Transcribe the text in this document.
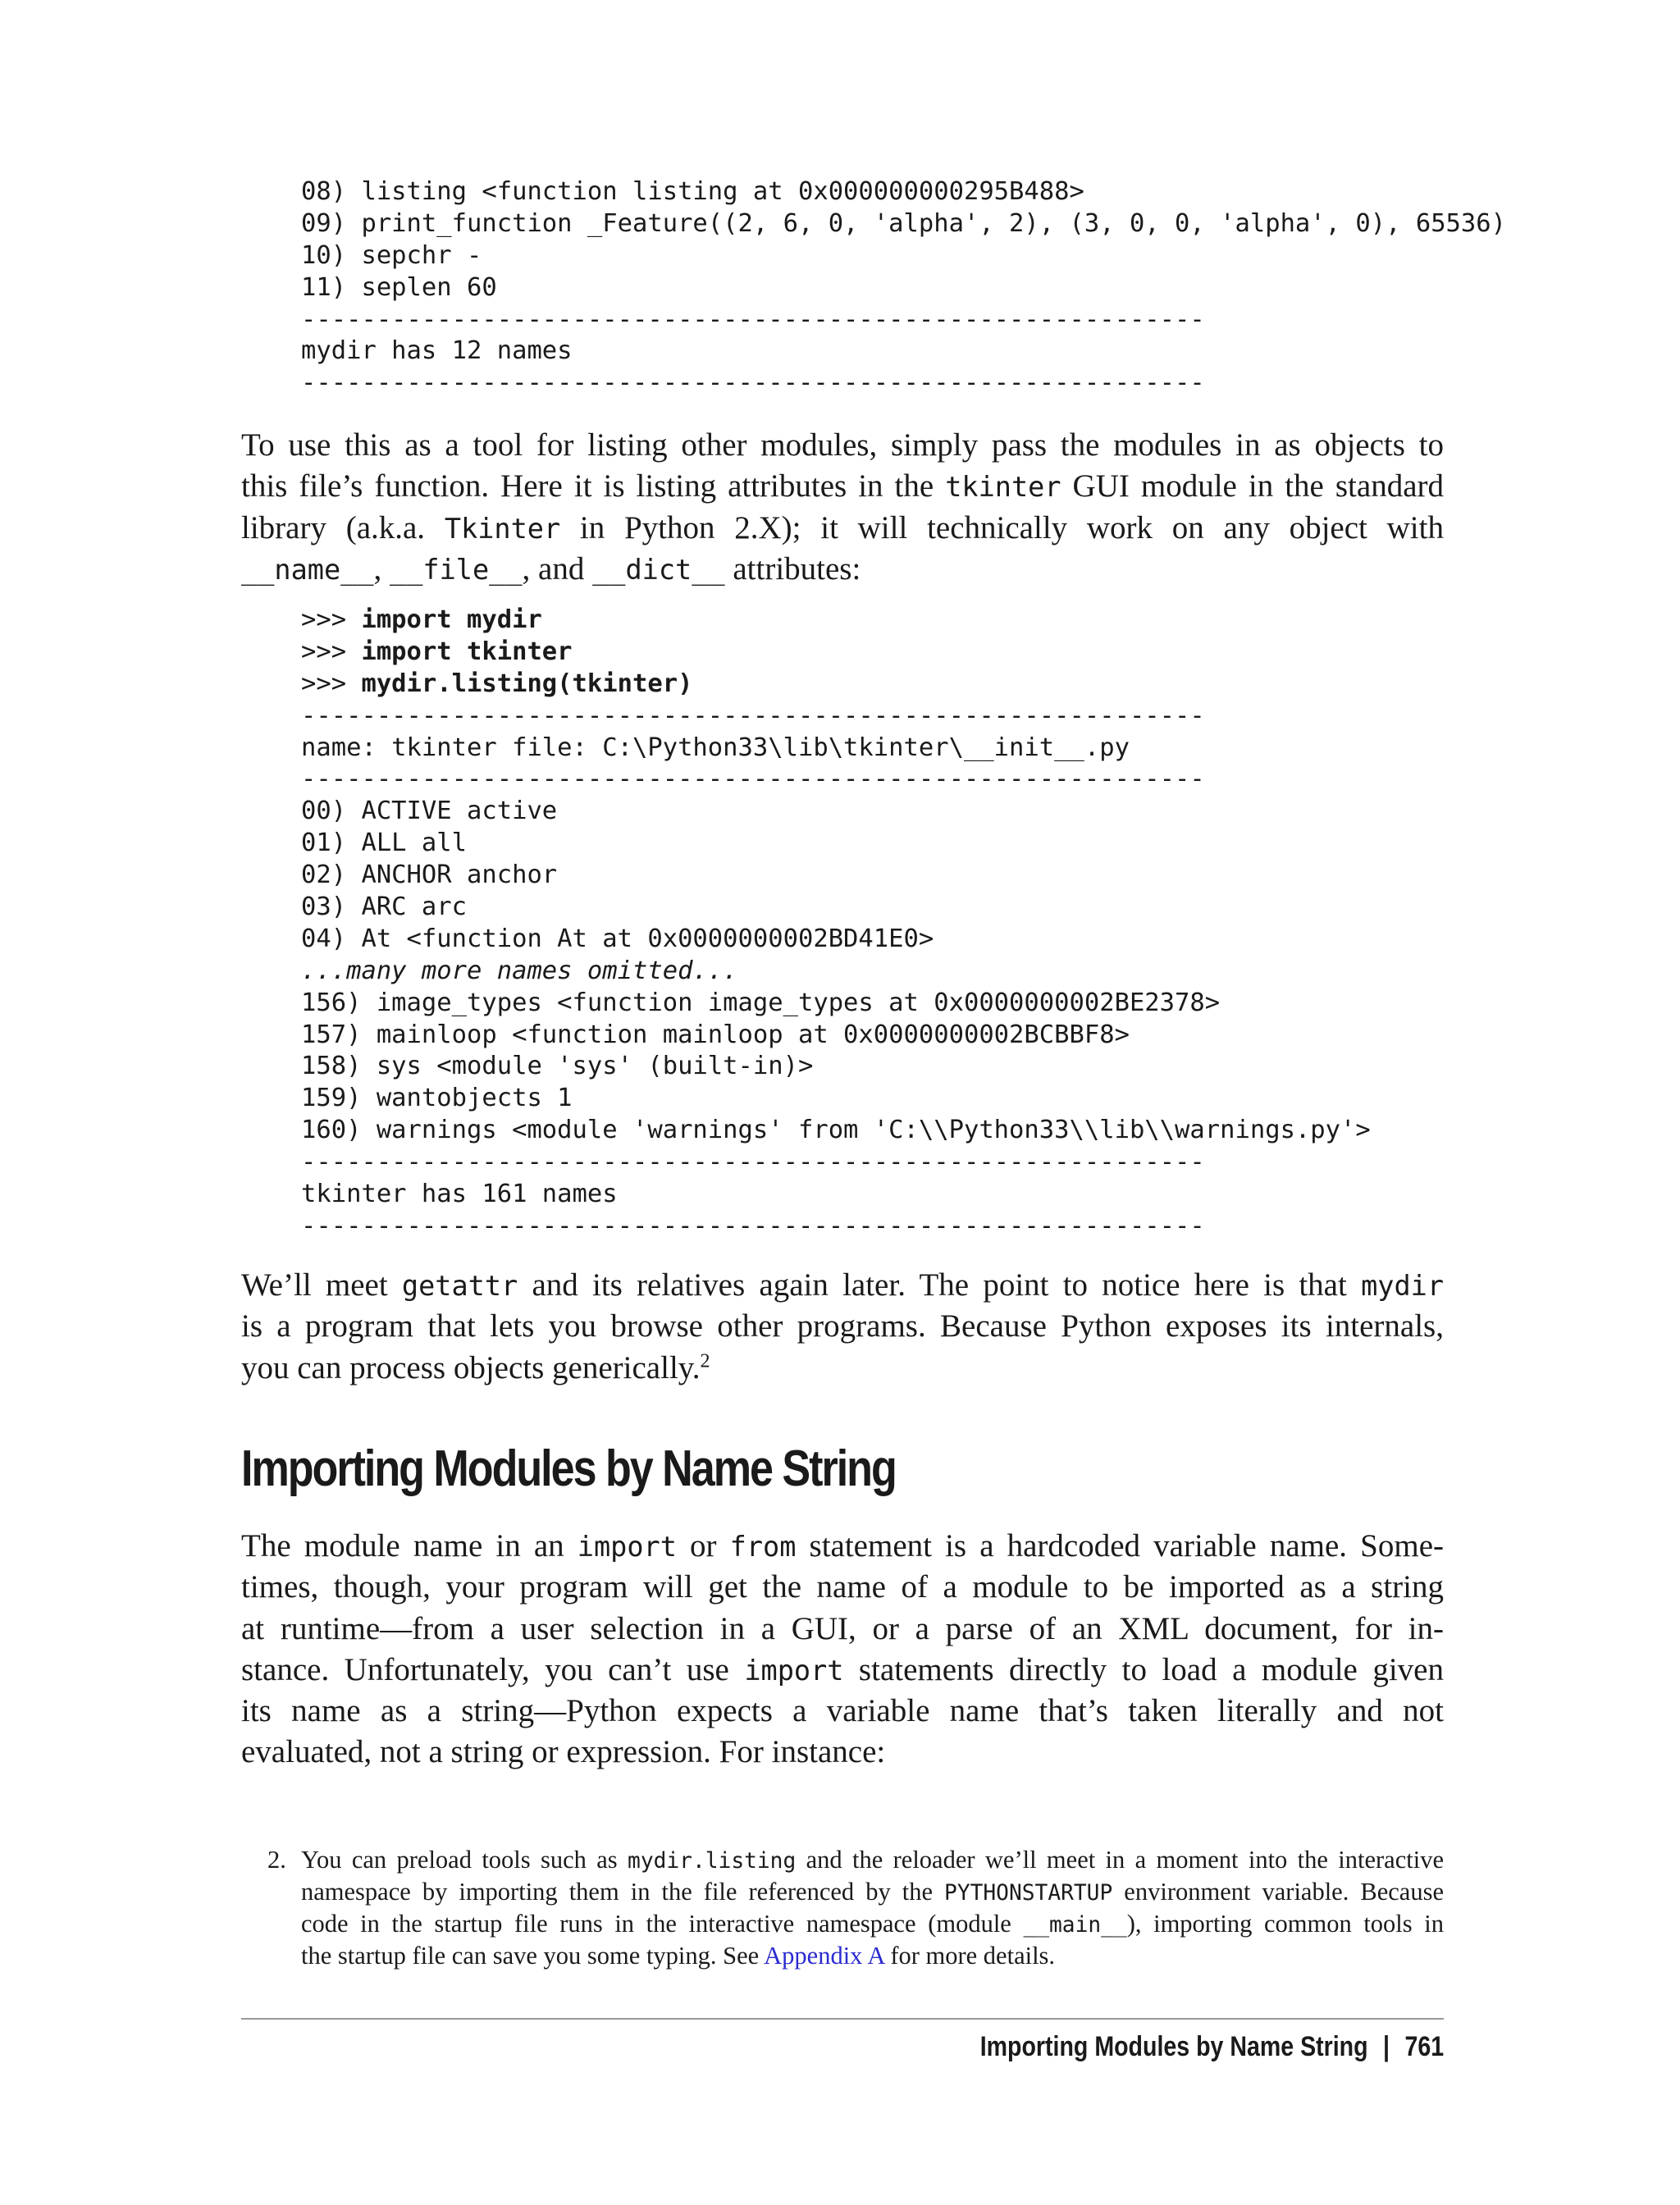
08) listing <function listing at 0x000000000295B488>
09) print_function _Feature((2, 6, 0, 'alpha', 2), (3, 0, 0, 'alpha', 0), 65536)
10) sepchr -
11) seplen 60
------------------------------------------------------------
mydir has 12 names
------------------------------------------------------------
To use this as a tool for listing other modules, simply pass the modules in as objects to
this file’s function. Here it is listing attributes in the tkinter GUI module in the standard
library (a.k.a. Tkinter in Python 2.X); it will technically work on any object with
__name__, __file__, and __dict__ attributes:
>>> import mydir
>>> import tkinter
>>> mydir.listing(tkinter)
------------------------------------------------------------
name: tkinter file: C:\Python33\lib\tkinter\__init__.py
------------------------------------------------------------
00) ACTIVE active
01) ALL all
02) ANCHOR anchor
03) ARC arc
04) At <function At at 0x0000000002BD41E0>
...many more names omitted...
156) image_types <function image_types at 0x0000000002BE2378>
157) mainloop <function mainloop at 0x0000000002BCBBF8>
158) sys <module 'sys' (built-in)>
159) wantobjects 1
160) warnings <module 'warnings' from 'C:\\Python33\\lib\\warnings.py'>
------------------------------------------------------------
tkinter has 161 names
------------------------------------------------------------
We’ll meet getattr and its relatives again later. The point to notice here is that mydir
is a program that lets you browse other programs. Because Python exposes its internals,
you can process objects generically.$^2$
Importing Modules by Name String
The module name in an import or from statement is a hardcoded variable name. Some-
times, though, your program will get the name of a module to be imported as a string
at runtime—from a user selection in a GUI, or a parse of an XML document, for in-
stance. Unfortunately, you can’t use import statements directly to load a module given
its name as a string—Python expects a variable name that’s taken literally and not
evaluated, not a string or expression. For instance:
2. You can preload tools such as mydir.listing and the reloader we’ll meet in a moment into the interactive
namespace by importing them in the file referenced by the PYTHONSTARTUP environment variable. Because
code in the startup file runs in the interactive namespace (module __main__), importing common tools in
the startup file can save you some typing. See Appendix A for more details.
Importing Modules by Name String | 761
